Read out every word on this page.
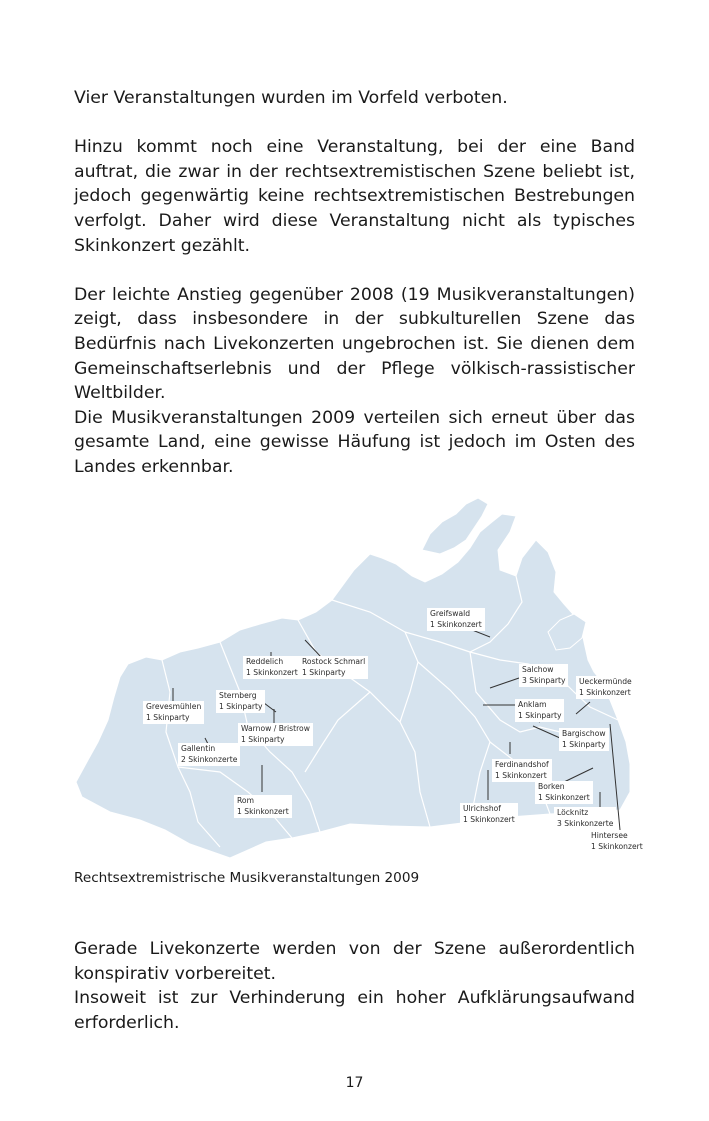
Vier Veranstaltungen wurden im Vorfeld verboten.

Hinzu kommt noch eine Veranstaltung, bei der eine Band auftrat, die zwar in der rechtsextremistischen Szene beliebt ist, jedoch gegenwärtig keine rechtsextremistischen Bestrebungen verfolgt. Daher wird diese Veranstaltung nicht als typisches Skinkonzert gezählt.

Der leichte Anstieg gegenüber 2008 (19 Musikveranstaltungen) zeigt, dass insbesondere in der subkulturellen Szene das Bedürfnis nach Livekonzerten ungebrochen ist. Sie dienen dem Gemeinschaftserlebnis und der Pflege völkisch-rassistischer Weltbilder.

Die Musikveranstaltungen 2009 verteilen sich erneut über das gesamte Land, eine gewisse Häufung ist jedoch im Osten des Landes erkennbar.

Greifswald
1 Skinkonzert
Reddelich
1 Skinkonzert
Rostock Schmarl
1 Skinparty	Salchow
3 Skinparty Ueckermünde
1 Skinkonzert
Sternberg
1 Skinparty
Grevesmühlen
1 Skinparty
Anklam
1 Skinparty
Warnow / Bristrow
1 Skinparty
Bargischow
1 Skinparty
Gallentin
2 Skinkonzerte
Ferdinandshof
1 Skinkonzert
Borken
1 Skinkonzert
Rom
1 Skinkonzert	Ulrichshof
1 Skinkonzert
Löcknitz
3 Skinkonzerte
Hintersee
1 Skinkonzert
Rechtsextremistrische Musikveranstaltungen 2009

Gerade Livekonzerte werden von der Szene außerordentlich konspirativ vorbereitet.

Insoweit ist zur Verhinderung ein hoher Aufklärungsaufwand erforderlich.

17
